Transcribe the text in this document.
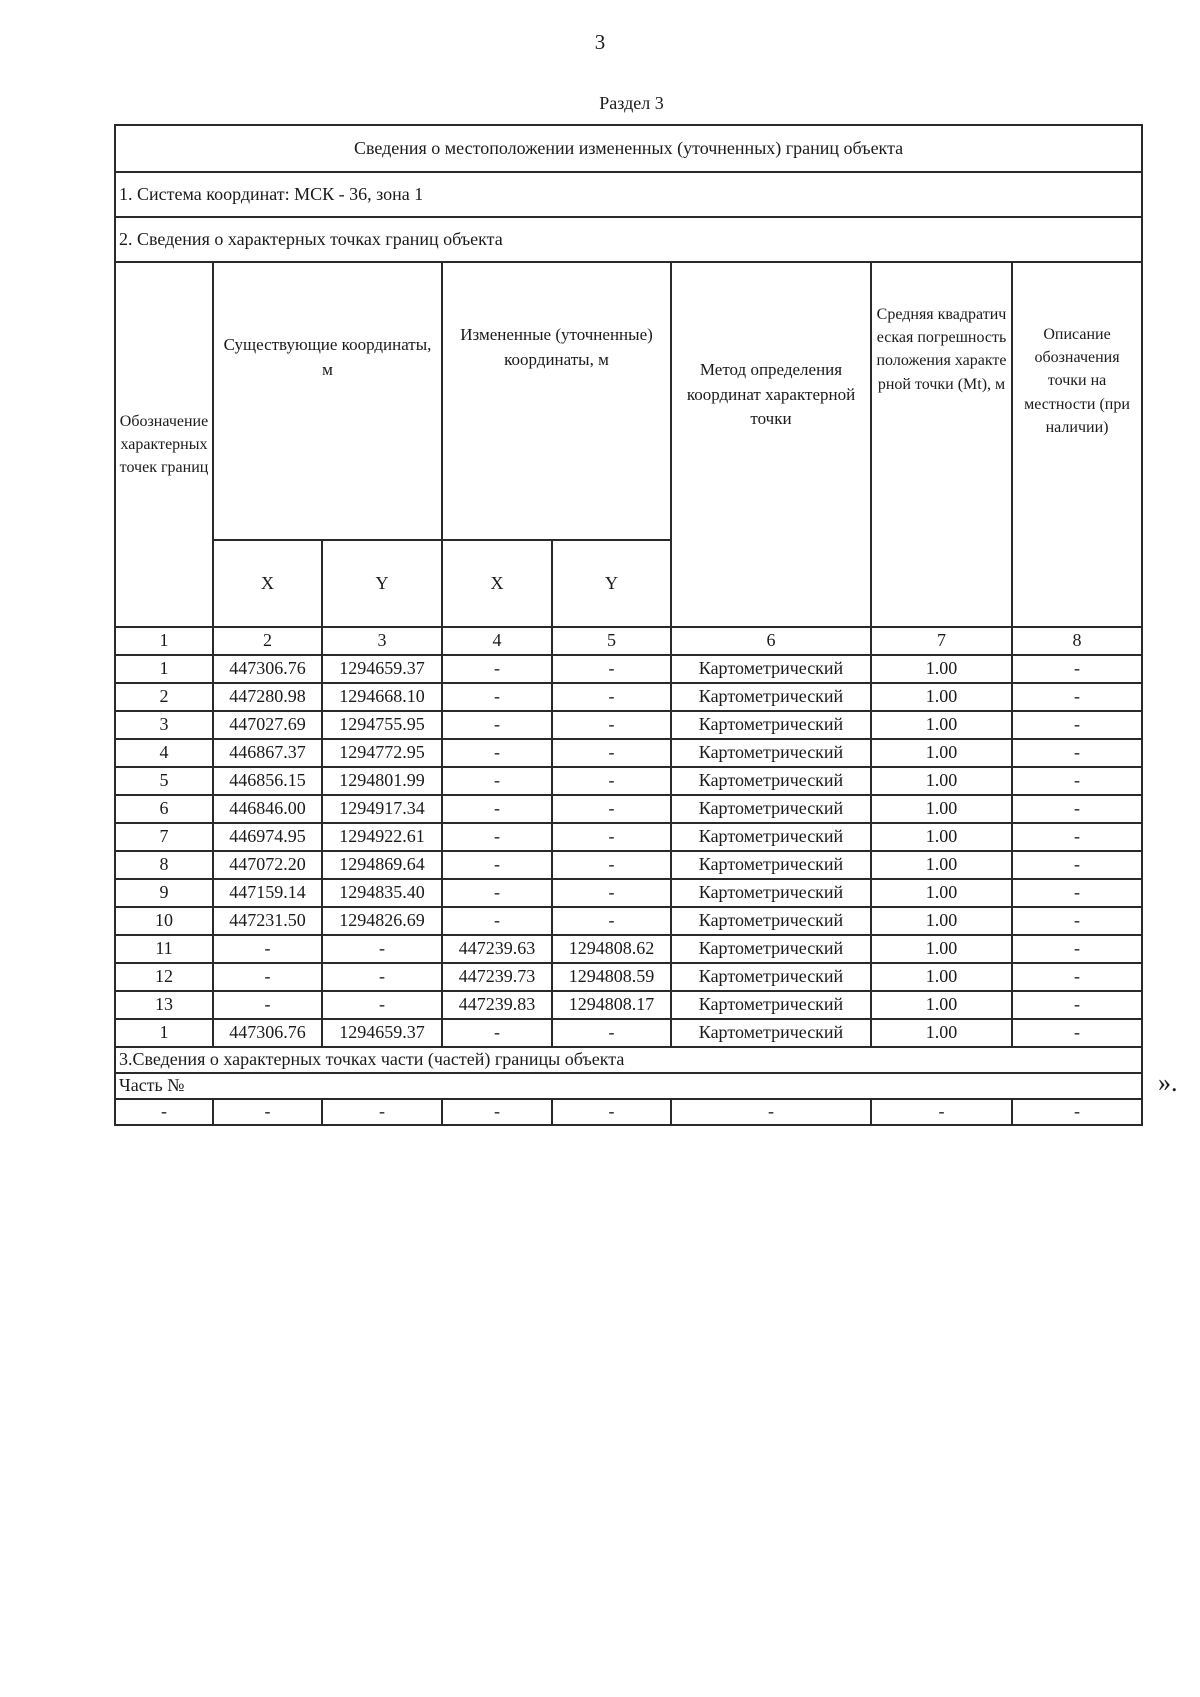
3
Раздел 3
Сведения о местоположении измененных (уточненных) границ объекта							
1. Система координат: МСК - 36, зона 1							
2. Сведения о характерных точках границ объекта							
Обозначение характерных точек границ	Существующие координаты, м		Измененные (уточненные) координаты, м		Метод определения координат характерной точки	Средняя квадратическая погрешность положения характерной точки (Mt), м	Описание обозначения точки на местности (при наличии)
	X	Y	X	Y			
1	2	3	4	5	6	7	8
1	447306.76	1294659.37	-	-	Картометрический	1.00	-
2	447280.98	1294668.10	-	-	Картометрический	1.00	-
3	447027.69	1294755.95	-	-	Картометрический	1.00	-
4	446867.37	1294772.95	-	-	Картометрический	1.00	-
5	446856.15	1294801.99	-	-	Картометрический	1.00	-
6	446846.00	1294917.34	-	-	Картометрический	1.00	-
7	446974.95	1294922.61	-	-	Картометрический	1.00	-
8	447072.20	1294869.64	-	-	Картометрический	1.00	-
9	447159.14	1294835.40	-	-	Картометрический	1.00	-
10	447231.50	1294826.69	-	-	Картометрический	1.00	-
11	-	-	447239.63	1294808.62	Картометрический	1.00	-
12	-	-	447239.73	1294808.59	Картометрический	1.00	-
13	-	-	447239.83	1294808.17	Картометрический	1.00	-
1	447306.76	1294659.37	-	-	Картометрический	1.00	-
3.Сведения о характерных точках части (частей) границы объекта							
Часть №							
-	-	-	-	-	-	-	-
».
